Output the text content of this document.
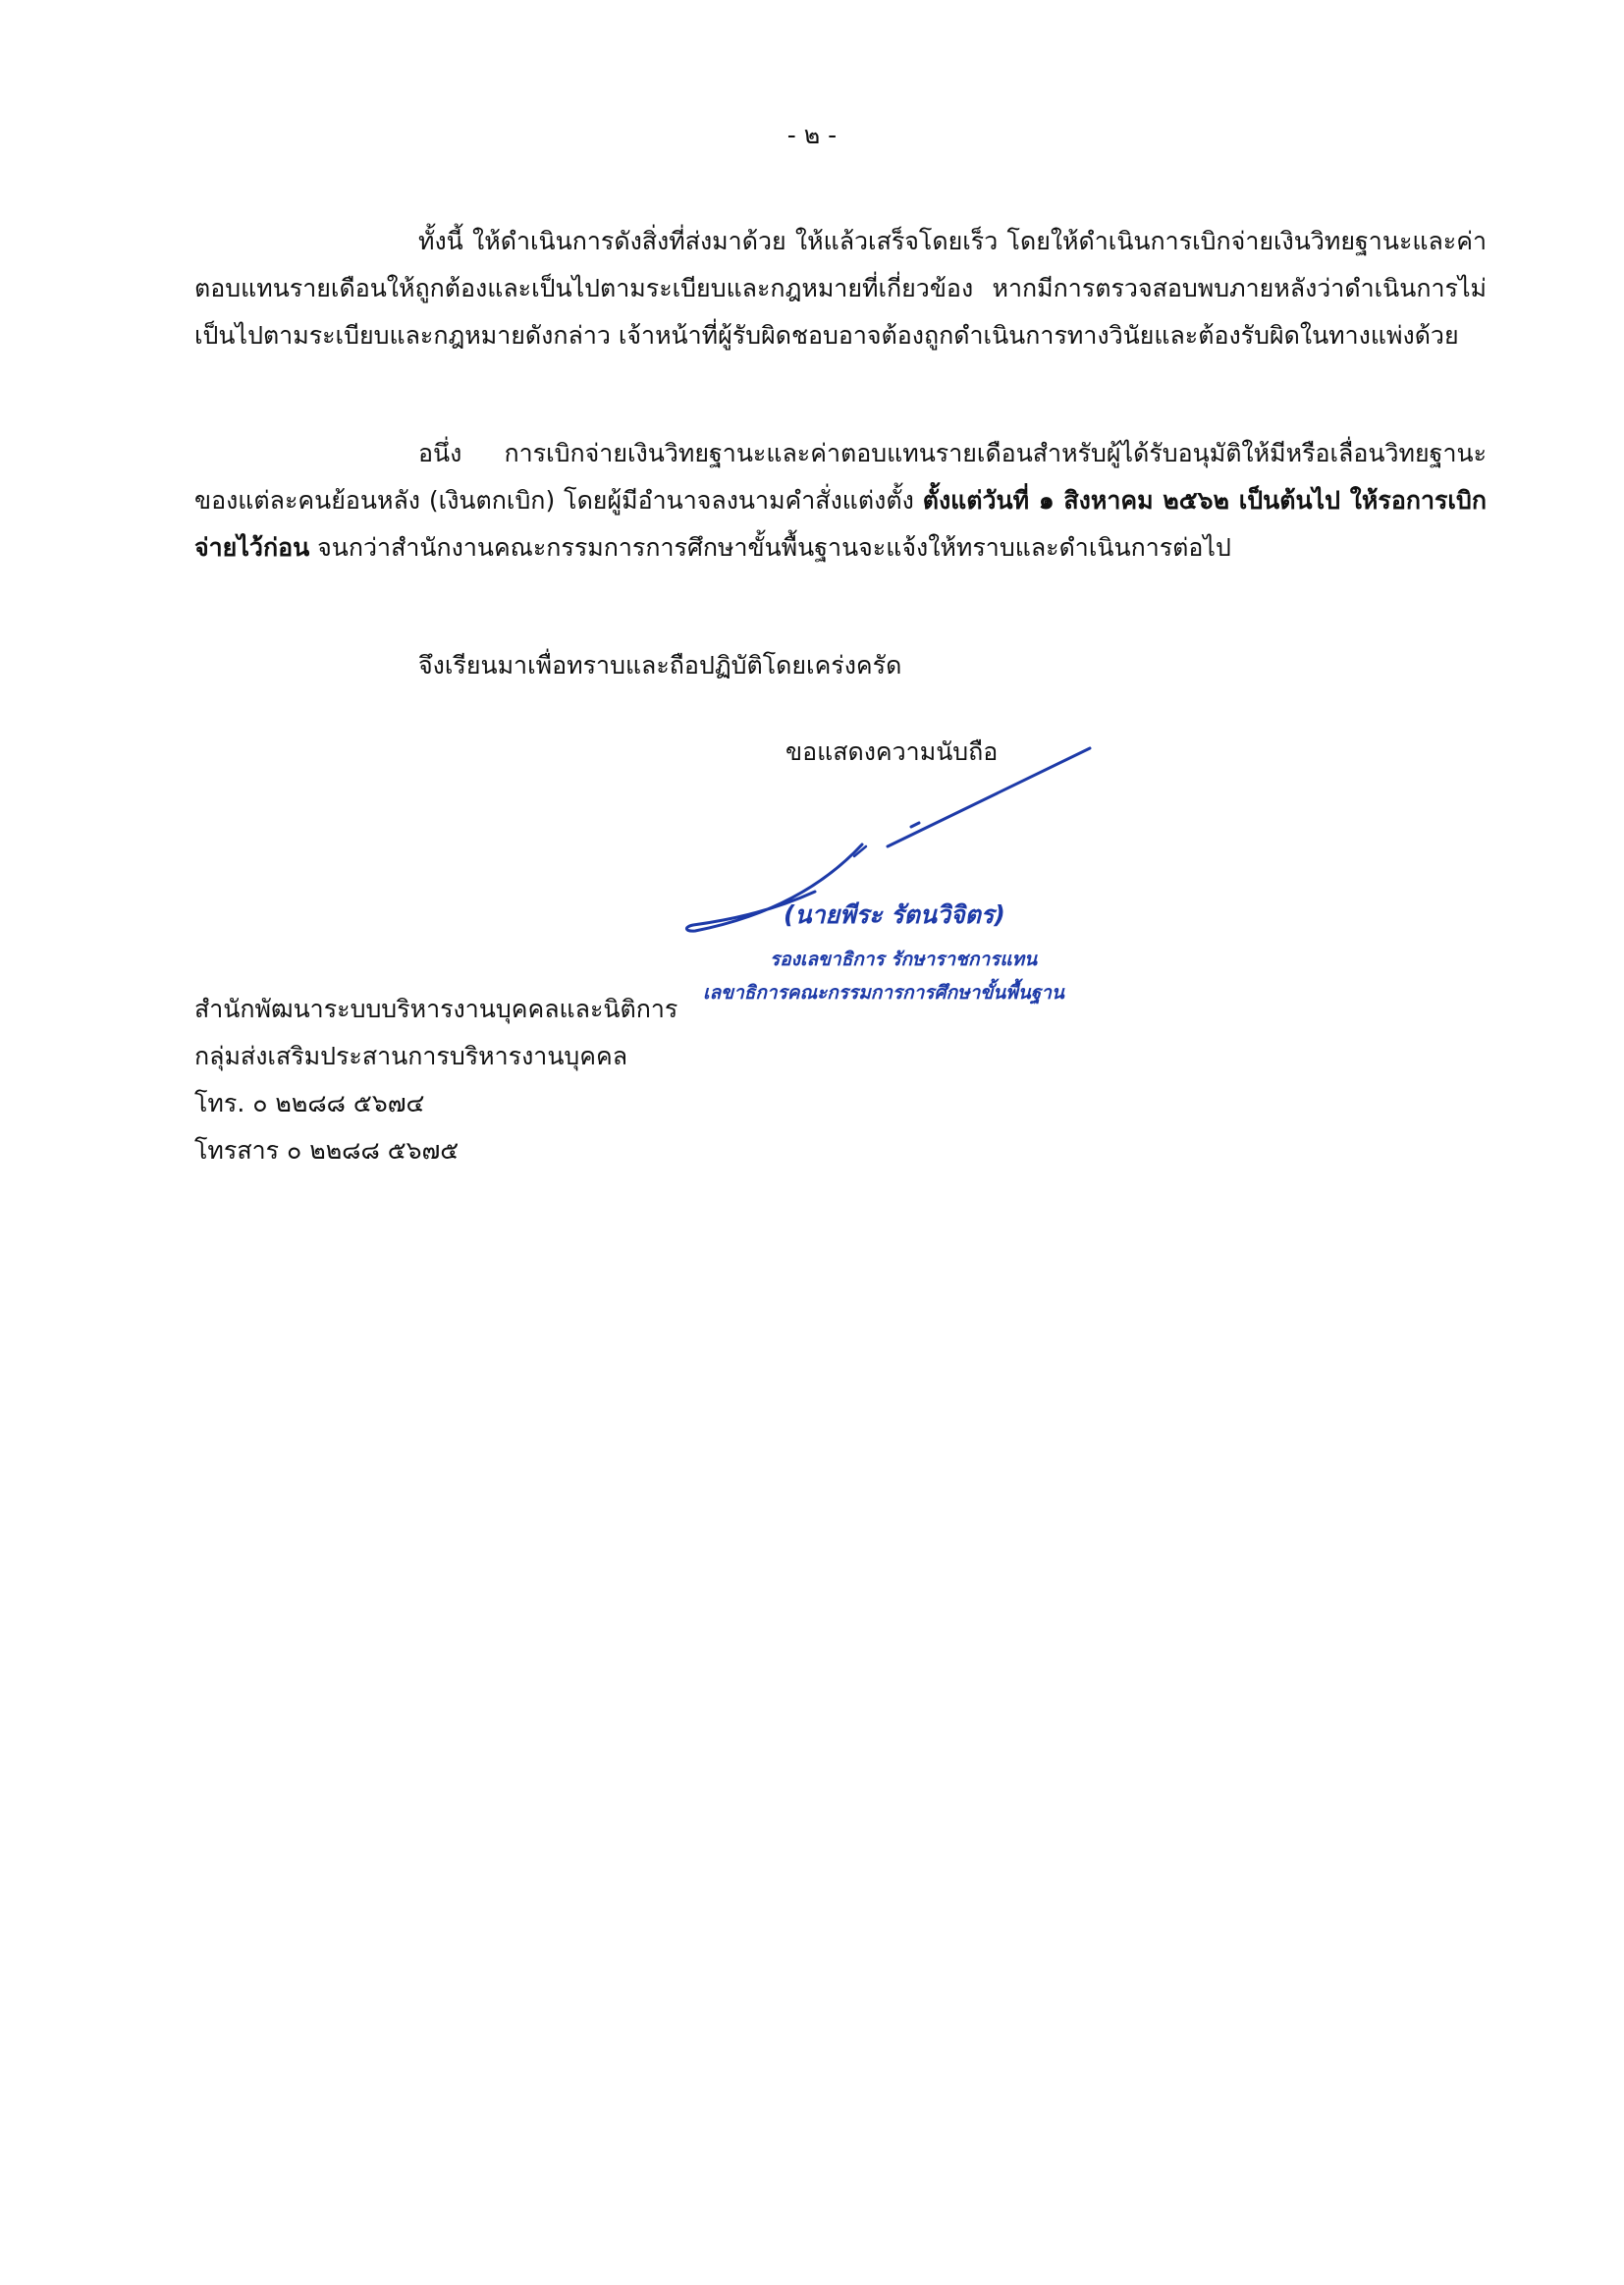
- ๒ -

ทั้งนี้ ให้ดำเนินการดังสิ่งที่ส่งมาด้วย ให้แล้วเสร็จโดยเร็ว โดยให้ดำเนินการเบิกจ่ายเงินวิทยฐานะและค่าตอบแทนรายเดือนให้ถูกต้องและเป็นไปตามระเบียบและกฎหมายที่เกี่ยวข้อง หากมีการตรวจสอบพบภายหลังว่าดำเนินการไม่เป็นไปตามระเบียบและกฎหมายดังกล่าว เจ้าหน้าที่ผู้รับผิดชอบอาจต้องถูกดำเนินการทางวินัยและต้องรับผิดในทางแพ่งด้วย

อนึ่ง การเบิกจ่ายเงินวิทยฐานะและค่าตอบแทนรายเดือนสำหรับผู้ได้รับอนุมัติให้มีหรือเลื่อนวิทยฐานะของแต่ละคนย้อนหลัง (เงินตกเบิก) โดยผู้มีอำนาจลงนามคำสั่งแต่งตั้ง ตั้งแต่วันที่ ๑ สิงหาคม ๒๕๖๒ เป็นต้นไป ให้รอการเบิกจ่ายไว้ก่อน จนกว่าสำนักงานคณะกรรมการการศึกษาขั้นพื้นฐานจะแจ้งให้ทราบและดำเนินการต่อไป

จึงเรียนมาเพื่อทราบและถือปฏิบัติโดยเคร่งครัด

ขอแสดงความนับถือ
(นายพีระ รัตนวิจิตร)
รองเลขาธิการ รักษาราชการแทน
เลขาธิการคณะกรรมการการศึกษาขั้นพื้นฐาน
สำนักพัฒนาระบบบริหารงานบุคคลและนิติการ
กลุ่มส่งเสริมประสานการบริหารงานบุคคล
โทร. ๐ ๒๒๘๘ ๕๖๗๔
โทรสาร ๐ ๒๒๘๘ ๕๖๗๕
